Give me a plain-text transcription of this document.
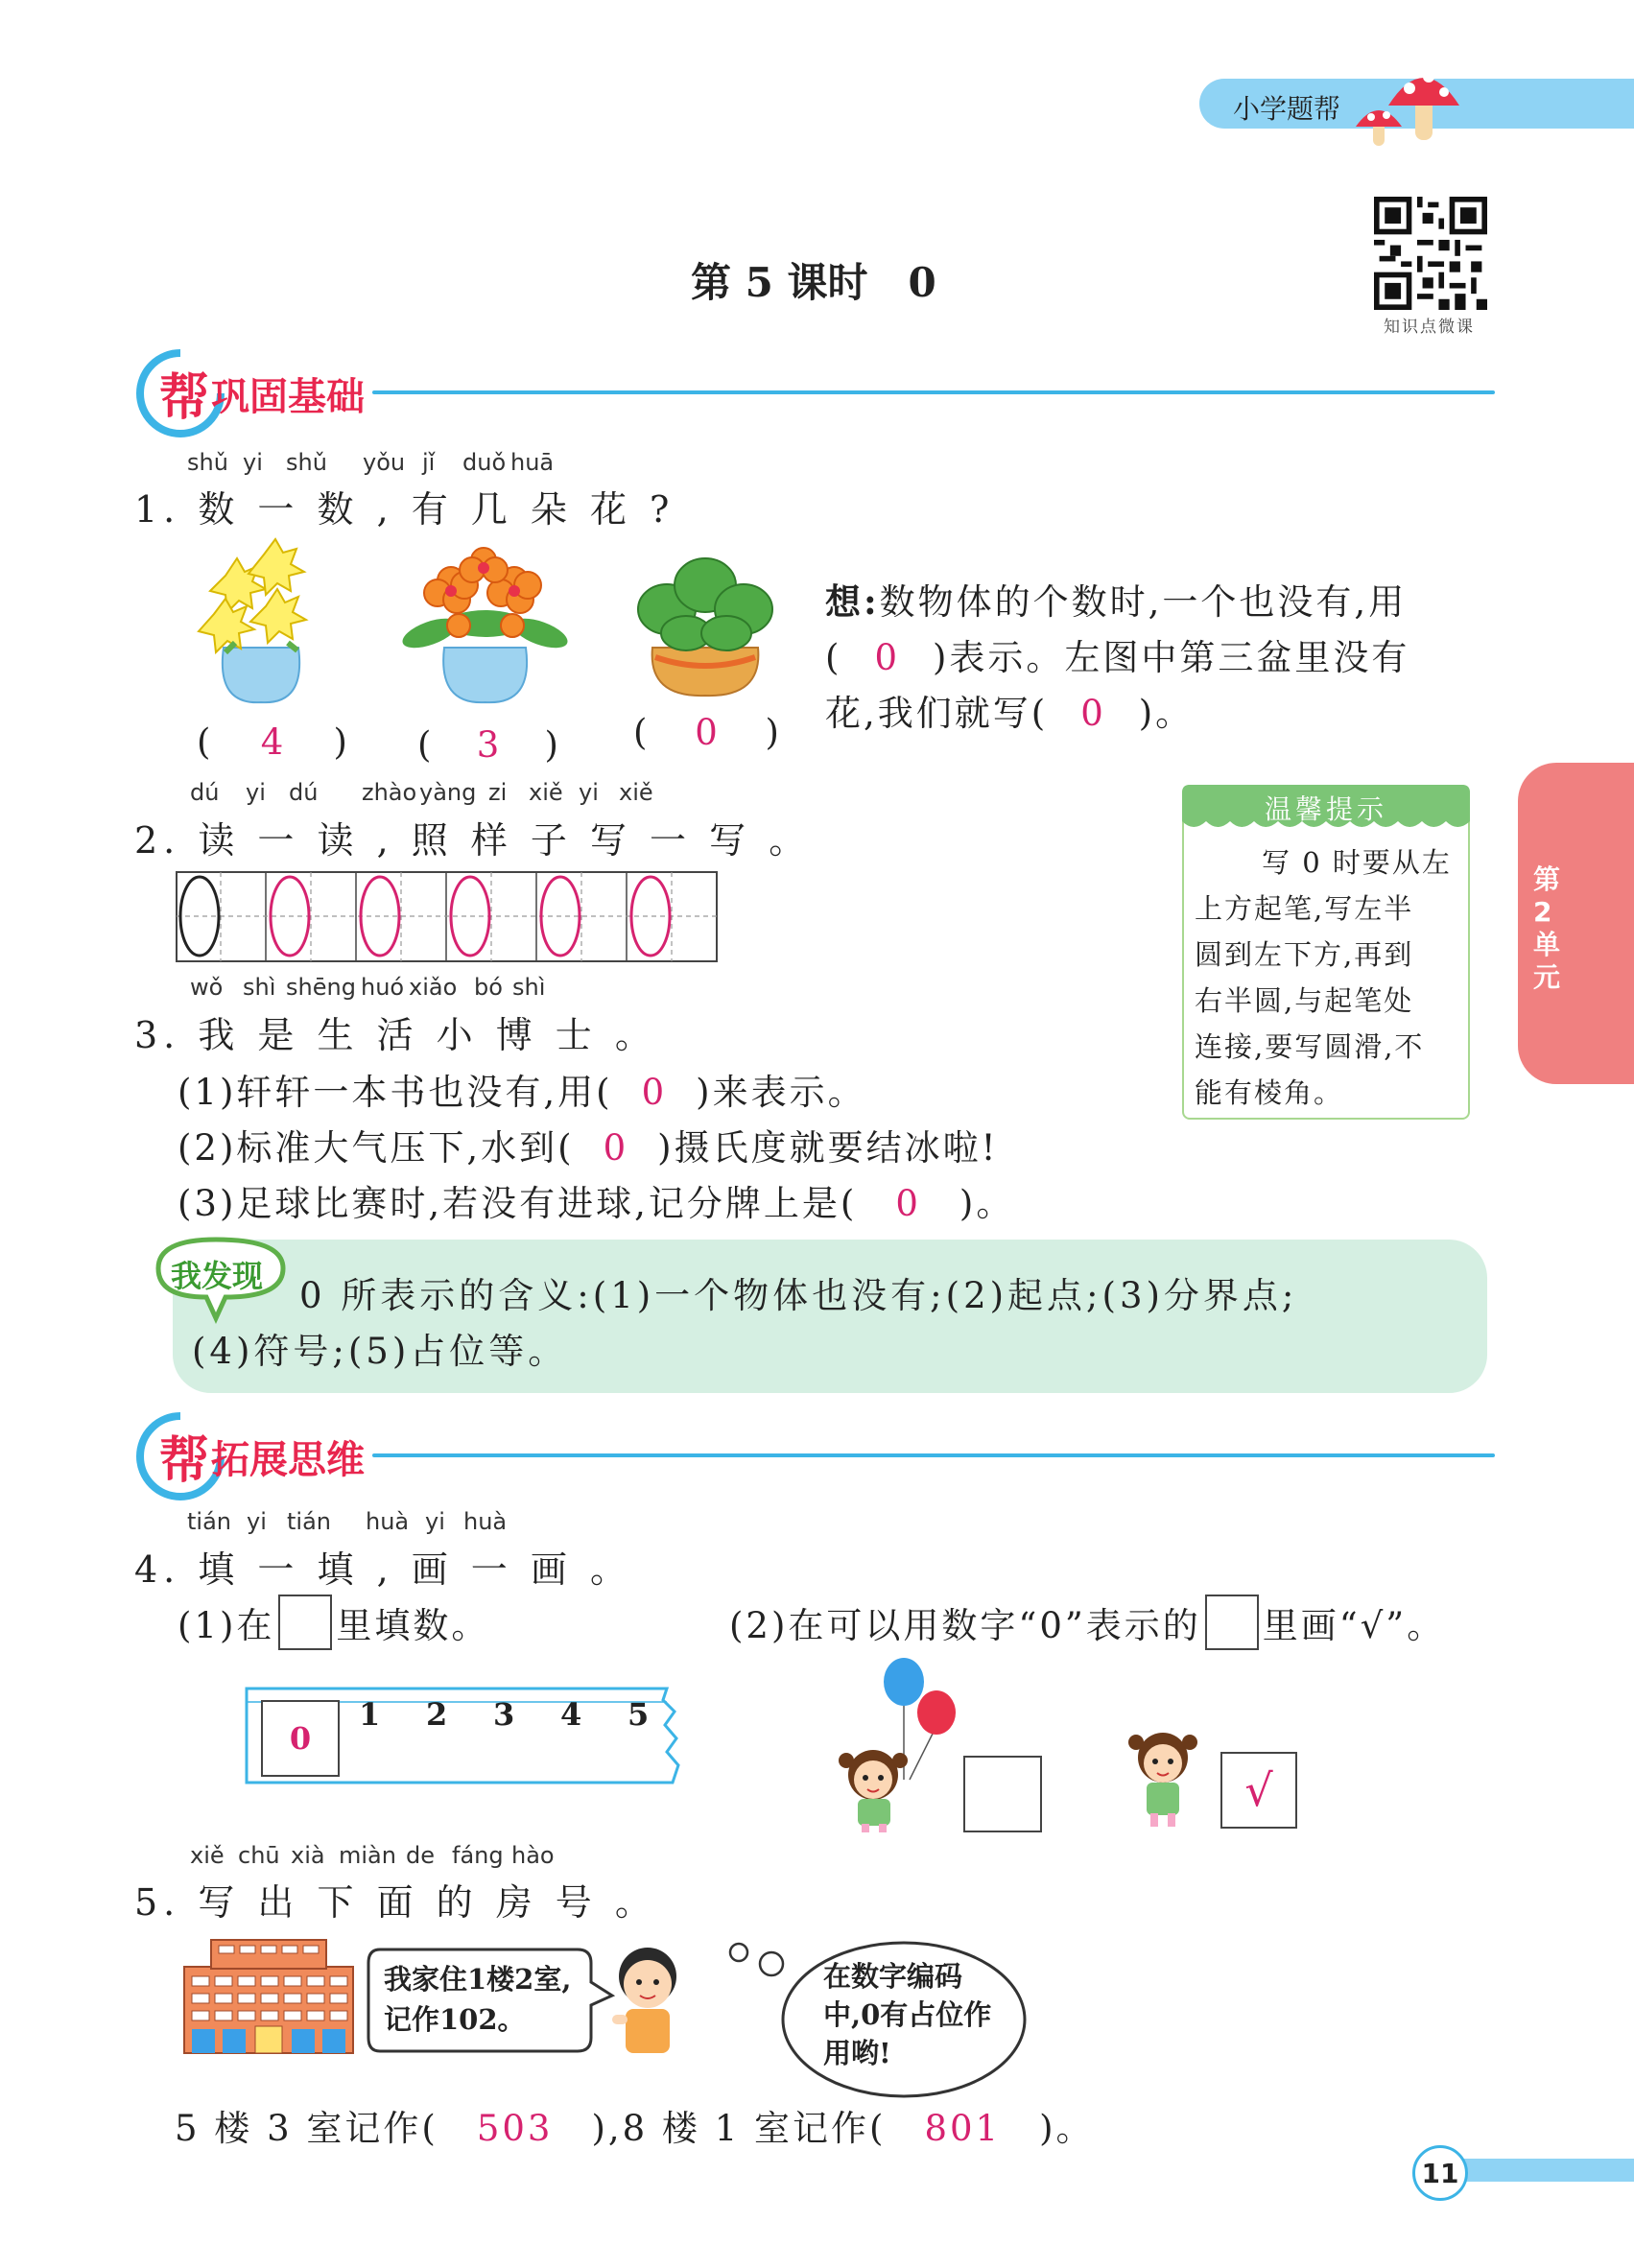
小学题帮
第 5 课时　0
知识点微课
第2单元
帮 巩固基础
shǔ yi	shǔ	yǒu jǐ	duǒ huā
1. 数 一 数 , 有 几 朵 花 ?
( 4 ) ( 3 ) ( 0 )
想:数物体的个数时,一个也没有,用
( 0 )表示。左图中第三盆里没有
花,我们就写( 0 )。
dú	yi	dú	zhào yàng zi xiě yi xiě
2. 读 一 读 , 照 样 子 写 一 写 。
温馨提示
写 0 时要从左
上方起笔,写左半
圆到左下方,再到
右半圆,与起笔处
连接,要写圆滑,不
能有棱角。
wǒ shì shēng huó xiǎo bó shì
3. 我 是 生 活 小 博 士 。
(1)轩轩一本书也没有,用( 0 )来表示。
(2)标准大气压下,水到( 0 )摄氏度就要结冰啦!
(3)足球比赛时,若没有进球,记分牌上是( 0 )。
我发现 0 所表示的含义:(1)一个物体也没有;(2)起点;(3)分界点;
(4)符号;(5)占位等。
帮 拓展思维
tián yi tián	huà yi huà
4. 填 一 填 , 画 一 画 。
(1)在 里填数。	(2)在可以用数字“0”表示的 里画“√”。
0
1	2	3	4	5
√
xiě chū xià miàn de fáng hào
5. 写 出 下 面 的 房 号 。
我家住1楼2室,记作102。
在数字编码中,0有占位作用哟!
5 楼 3 室记作( 503 ),8 楼 1 室记作( 801 )。
11
